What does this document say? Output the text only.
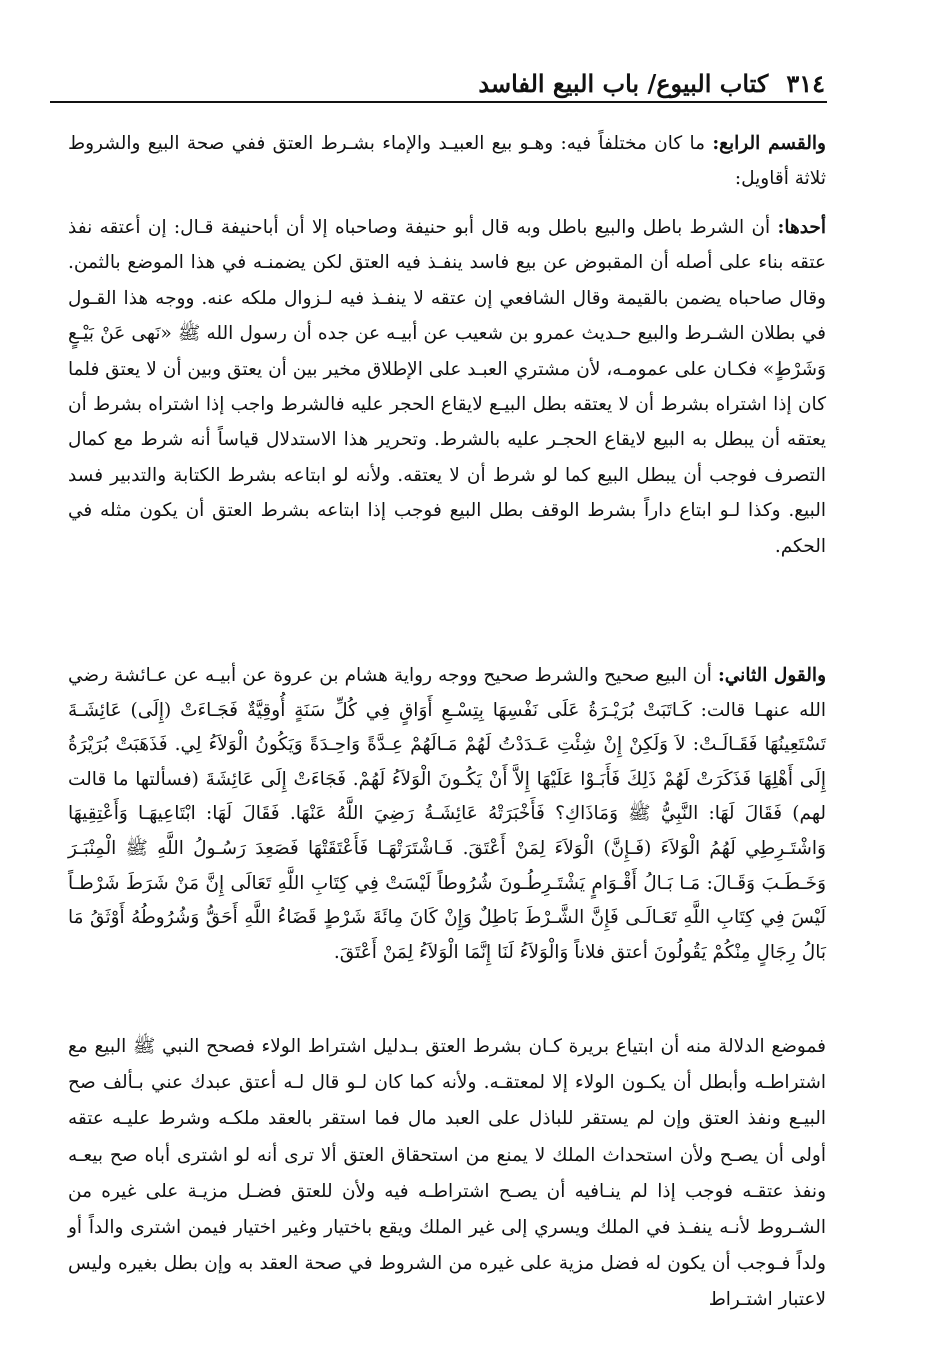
٣١٤
كتاب البيوع/ باب البيع الفاسد

والقسم الرابع: ما كان مختلفاً فيه: وهـو بيع العبيـد والإماء بشـرط العتق ففي صحة البيع والشروط ثلاثة أقاويل:

أحدها: أن الشرط باطل والبيع باطل وبه قال أبو حنيفة وصاحباه إلا أن أباحنيفة قـال: إن أعتقه نفذ عتقه بناء على أصله أن المقبوض عن بيع فاسد ينفـذ فيه العتق لكن يضمنـه في هذا الموضع بالثمن. وقال صاحباه يضمن بالقيمة وقال الشافعي إن عتقه لا ينفـذ فيه لـزوال ملكه عنه. ووجه هذا القـول في بطلان الشـرط والبيع حـديث عمرو بن شعيب عن أبيـه عن جده أن رسول الله ﷺ «نَهى عَنْ بَيْـعٍ وَشَرْطٍ» فكـان على عمومـه، لأن مشتري العبـد على الإطلاق مخير بين أن يعتق وبين أن لا يعتق فلما كان إذا اشتراه بشرط أن لا يعتقه بطل البيـع لايقاع الحجر عليه فالشرط واجب إذا اشتراه بشرط أن يعتقه أن يبطل به البيع لايقاع الحجـر عليه بالشرط. وتحرير هذا الاستدلال قياساً أنه شرط مع كمال التصرف فوجب أن يبطل البيع كما لو شرط أن لا يعتقه. ولأنه لو ابتاعه بشرط الكتابة والتدبير فسد البيع. وكذا لـو ابتاع داراً بشرط الوقف بطل البيع فوجب إذا ابتاعه بشرط العتق أن يكون مثله في الحكم.

والقول الثاني: أن البيع صحيح والشرط صحيح ووجه رواية هشام بن عروة عن أبيـه عن عـائشة رضي الله عنهـا قالت: كَـاتَبَتْ بُرَيْـرَةُ عَلَى نَفْسِهَا بِتِسْـعِ أَوَاقٍ فِي كُلِّ سَنَةٍ أُوقِيَّةٌ فَجَـاءَتْ (إِلَى) عَائِشَـةَ تَسْتَعِينُهَا فَقَـالَـتْ: لاَ وَلَكِنْ إِنْ شِئْتِ عَـدَدْتُ لَهُمْ مَـالَهُمْ عِـدَّةً وَاحِـدَةً وَيَكُونُ الْوَلاَءُ لِي. فَذَهَبَتْ بُرَيْرَةُ إِلَى أَهْلِهَا فَذَكَرَتْ لَهُمْ ذَلِكَ فَأَبَـوْا عَلَيْهَا إِلاَّ أَنْ يَكُـونَ الْوَلاَءُ لَهُمْ. فَجَاءَتْ إِلَى عَائِشَةَ (فسألتها ما قالت لهم) فَقَالَ لَهَا: النَّبِيُّ ﷺ وَمَاذَاكِ؟ فَأَخْبَرَتْهُ عَائِشَـةُ رَضِيَ اللَّهُ عَنْهَا. فَقَالَ لَهَا: ابْتَاعِيهَـا وَأَعْتِقِيهَا وَاشْتَـرِطِي لَهُمُ الْوَلاَءَ (فَـإِنَّ) الْوَلاَءَ لِمَنْ أَعْتَقَ. فَـاشْتَرَتْهَـا فَأَعْتَقَتْهَا فَصَعِدَ رَسُـولُ اللَّهِ ﷺ الْمِنْبَـرَ وَخَـطَـبَ وَقَـالَ: مَـا بَـالُ أَقْـوَامٍ يَشْتَـرِطُـونَ شُرُوطاً لَيْسَتْ فِي كِتَابِ اللَّهِ تَعَالَى إِنَّ مَنْ شَرَطَ شَرْطـاً لَيْسَ فِي كِتَابِ اللَّهِ تَعَـالَـى فَإِنَّ الشَّـرْطَ بَاطِلٌ وَإِنْ كَانَ مِائَةَ شَرْطٍ قَضَاءُ اللَّهِ أَحَقُّ وَشُرُوطُهُ أَوْثَقُ مَا بَالُ رِجَالٍ مِنْكُمْ يَقُولُونَ أعتق فلاناً وَالْوَلاَءُ لَنَا إِنَّمَا الْوَلاَءُ لِمَنْ أَعْتَقَ.

فموضع الدلالة منه أن ابتياع بريرة كـان بشرط العتق بـدليل اشتراط الولاء فصحح النبي ﷺ البيع مع اشتراطـه وأبطل أن يكـون الولاء إلا لمعتقـه. ولأنه كما كان لـو قال لـه أعتق عبدك عني بـألف صح البيـع ونفذ العتق وإن لم يستقر للباذل على العبد مال فما استقر بالعقد ملكـه وشرط عليـه عتقه أولى أن يصـح ولأن استحداث الملك لا يمنع من استحقاق العتق ألا ترى أنه لو اشترى أباه صح بيعـه ونفذ عتقـه فوجب إذا لم ينـافيه أن يصـح اشتراطـه فيه ولأن للعتق فضـل مزيـة على غيره من الشـروط لأنـه ينفـذ في الملك ويسري إلى غير الملك ويقع باختيار وغير اختيار فيمن اشترى والداً أو ولداً فـوجب أن يكون له فضل مزية على غيره من الشروط في صحة العقد به وإن بطل بغيره وليس لاعتبار اشتـراط
